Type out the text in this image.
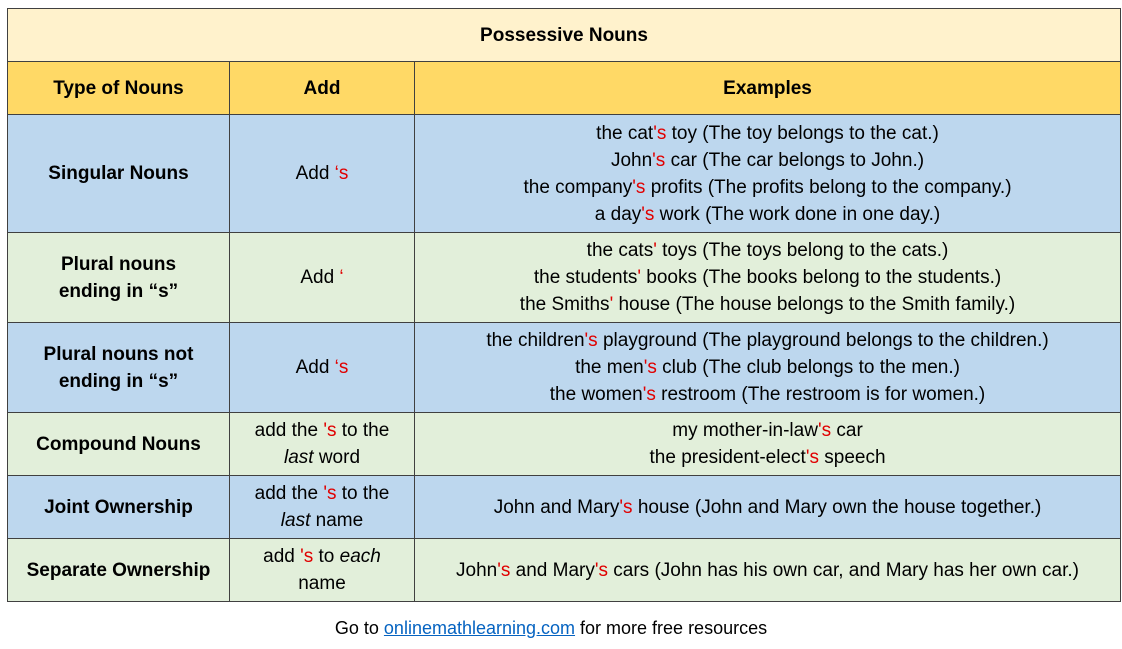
Possessive Nouns		
Type of Nouns	Add	Examples
Singular Nouns	Add ‘s	the cat's toy (The toy belongs to the cat.)
John's car (The car belongs to John.)
the company's profits (The profits belong to the company.)
a day's work (The work done in one day.)

Plural nouns ending in “s”	Add ‘	the cats' toys (The toys belong to the cats.)
the students' books (The books belong to the students.)
the Smiths' house (The house belongs to the Smith family.)

Plural nouns not ending in “s”	Add ‘s	the children's playground (The playground belongs to the children.)
the men's club (The club belongs to the men.)
the women's restroom (The restroom is for women.)

Compound Nouns	add the 's to the last word	my mother-in-law's car
the president-elect's speech

Joint Ownership	add the 's to the last name	John and Mary's house (John and Mary own the house together.)

Separate Ownership	add 's to each name	John's and Mary's cars (John has his own car, and Mary has her own car.)
Go to onlinemathlearning.com for more free resources
